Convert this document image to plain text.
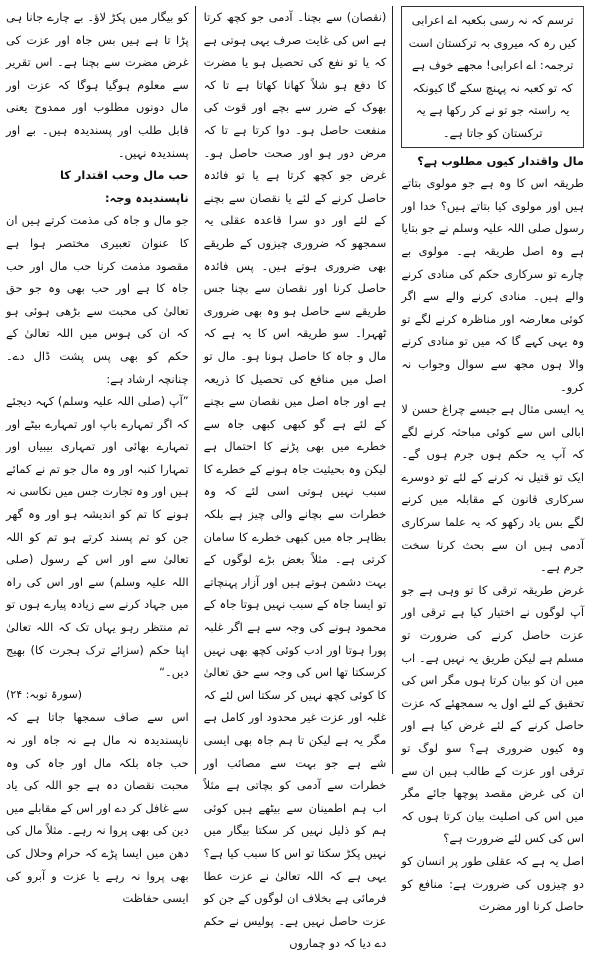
ترسم کہ نہ رسی بکعبہ اے اعرابی

کیں رہ کہ میروی بہ ترکستان است

ترجمہ: اے اعرابی! مجھے خوف ہے

کہ تو کعبہ نہ پہنچ سکے گا کیونکہ یہ راستہ جو تو نے کر رکھا ہے یہ ترکستان کو جاتا ہے۔

مال واقتدار کیوں مطلوب ہے؟

طریقہ اس کا وہ ہے جو مولوی بتاتے ہیں اور مولوی کیا بتاتے ہیں؟ خدا اور رسول صلی اللہ علیہ وسلم نے جو بتایا ہے وہ اصل طریقہ ہے۔ مولوی بے چارے تو سرکاری حکم کی منادی کرنے والے ہیں۔ منادی کرنے والے سے اگر کوئی معارضہ اور مناظرہ کرنے لگے تو وہ یہی کہے گا کہ میں تو منادی کرنے والا ہوں مجھ سے سوال وجواب نہ کرو۔

یہ ایسی مثال ہے جیسے چراغ حسن لا ابالی اس سے کوئی مباحثہ کرنے لگے کہ آپ یہ حکم ہوں جرم ہوں گے۔ ایک تو قتیل نہ کرنے کے لئے تو دوسرے سرکاری قانون کے مقابلہ میں کرنے لگے بس یاد رکھو کہ یہ علما سرکاری آدمی ہیں ان سے بحث کرنا سخت جرم ہے۔

غرض طریقہ ترقی کا تو وہی ہے جو آپ لوگوں نے اختیار کیا ہے ترقی اور عزت حاصل کرنے کی ضرورت تو مسلم ہے لیکن طریق یہ نہیں ہے۔ اب میں ان کو بیان کرتا ہوں مگر اس کی تحقیق کے لئے اول یہ سمجھئے کہ عزت حاصل کرنے کے لئے غرض کیا ہے اور وہ کیوں ضروری ہے؟ سو لوگ تو ترقی اور عزت کے طالب ہیں ان سے ان کی غرض مقصد پوچھا جائے مگر میں اس کی اصلیت بیان کرتا ہوں کہ اس کی کس لئے ضرورت ہے؟

اصل یہ ہے کہ عقلی طور پر انسان کو دو چیزوں کی ضرورت ہے: منافع کو حاصل کرنا اور مضرت

(نقصان) سے بچنا۔ آدمی جو کچھ کرتا ہے اس کی غایت صرف یہی ہوتی ہے کہ یا تو نفع کی تحصیل ہو یا مضرت کا دفع ہو شلاً کھانا کھاتا ہے تا کہ بھوک کے ضرر سے بچے اور قوت کی منفعت حاصل ہو۔ دوا کرتا ہے تا کہ مرض دور ہو اور صحت حاصل ہو۔ غرض جو کچھ کرتا ہے یا تو فائدہ حاصل کرنے کے لئے یا نقصان سے بچنے کے لئے اور دو سرا قاعدہ عقلی یہ سمجھو کہ ضروری چیزوں کے طریقے بھی ضروری ہوتے ہیں۔ پس فائدہ حاصل کرنا اور نقصان سے بچنا جس طریقے سے حاصل ہو وہ بھی ضروری ٹھہرا۔ سو طریقہ اس کا یہ ہے کہ مال و جاہ کا حاصل ہونا ہو۔ مال تو اصل میں منافع کی تحصیل کا ذریعہ ہے اور جاہ اصل میں نقصان سے بچنے کے لئے ہے گو کبھی کبھی جاہ سے خطرے میں بھی پڑنے کا احتمال ہے لیکن وہ بحیثیت جاہ ہونے کے خطرے کا سبب نہیں ہوتی اسی لئے کہ وہ خطرات سے بچانے والی چیز ہے بلکہ بظاہر جاہ میں کبھی خطرے کا سامان کرتی ہے۔ مثلاً بعض بڑے لوگوں کے بہت دشمن ہوتے ہیں اور آزار پہنچاتے تو ایسا جاہ کے سبب نہیں ہوتا جاہ کے محمود ہونے کی وجہ سے ہے اگر غلبہ پورا ہوتا اور ادب کوئی کچھ بھی نہیں کرسکتا تھا اس کی وجہ سے حق تعالیٰ کا کوئی کچھ نہیں کر سکتا اس لئے کہ غلبہ اور عزت غیر محدود اور کامل ہے مگر یہ ہے لیکن تا ہم جاہ بھی ایسی شے ہے جو بہت سے مصائب اور خطرات سے آدمی کو بچاتی ہے مثلاً اب ہم اطمینان سے بیٹھے ہیں کوئی ہم کو ذلیل نہیں کر سکتا بیگار میں نہیں پکڑ سکتا تو اس کا سبب کیا ہے؟ یہی ہے کہ اللہ تعالیٰ نے عزت عطا فرمائی ہے بخلاف ان لوگوں کے جن کو عزت حاصل نہیں ہے۔ پولیس نے حکم دے دیا کہ دو چماروں

کو بیگار میں پکڑ لاؤ۔ بے چارے جانا ہی پڑا تا ہے ہیں بس جاہ اور عزت کی غرض مضرت سے بچنا ہے۔ اس تقریر سے معلوم ہوگیا ہوگا کہ عزت اور مال دونوں مطلوب اور ممدوح یعنی قابل طلب اور پسندیدہ ہیں۔ بے اور پسندیدہ نہیں۔

حب مال وحب اقتدار کا ناپسندیدہ وجہ:

جو مال و جاہ کی مذمت کرتے ہیں ان کا عنوان تعبیری مختصر ہوا ہے مقصود مذمت کرنا حب مال اور حب جاہ کا ہے اور حب بھی وہ جو حق تعالیٰ کی محبت سے بڑھی ہوئی ہو کہ ان کی ہوس میں اللہ تعالیٰ کے حکم کو بھی پس پشت ڈال دے۔ چنانچہ ارشاد ہے:

”آپ (صلی اللہ علیہ وسلم) کہہ دیجئے کہ اگر تمہارے باپ اور تمہارے بیٹے اور تمہارے بھائی اور تمہاری بیبیاں اور تمہارا کنبہ اور وہ مال جو تم نے کمائے ہیں اور وہ تجارت جس میں نکاسی نہ ہونے کا تم کو اندیشہ ہو اور وہ گھر جن کو تم پسند کرتے ہو تم کو اللہ تعالیٰ سے اور اس کے رسول (صلی اللہ علیہ وسلم) سے اور اس کی راہ میں جہاد کرنے سے زیادہ پیارے ہوں تو تم منتظر رہو یہاں تک کہ اللہ تعالیٰ اپنا حکم (سزائے ترک ہجرت کا) بھیج دیں۔“

(سورۃ توبہ: ۲۴)

اس سے صاف سمجھا جاتا ہے کہ ناپسندیدہ نہ مال ہے نہ جاہ اور نہ حب جاہ بلکہ مال اور جاہ کی وہ محبت نقصان دہ ہے جو اللہ کی یاد سے غافل کر دے اور اس کے مقابلے میں دین کی بھی پروا نہ رہے۔ مثلاً مال کی دھن میں ایسا پڑے کہ حرام وحلال کی بھی پروا نہ رہے یا عزت و آبرو کی ایسی حفاظت
